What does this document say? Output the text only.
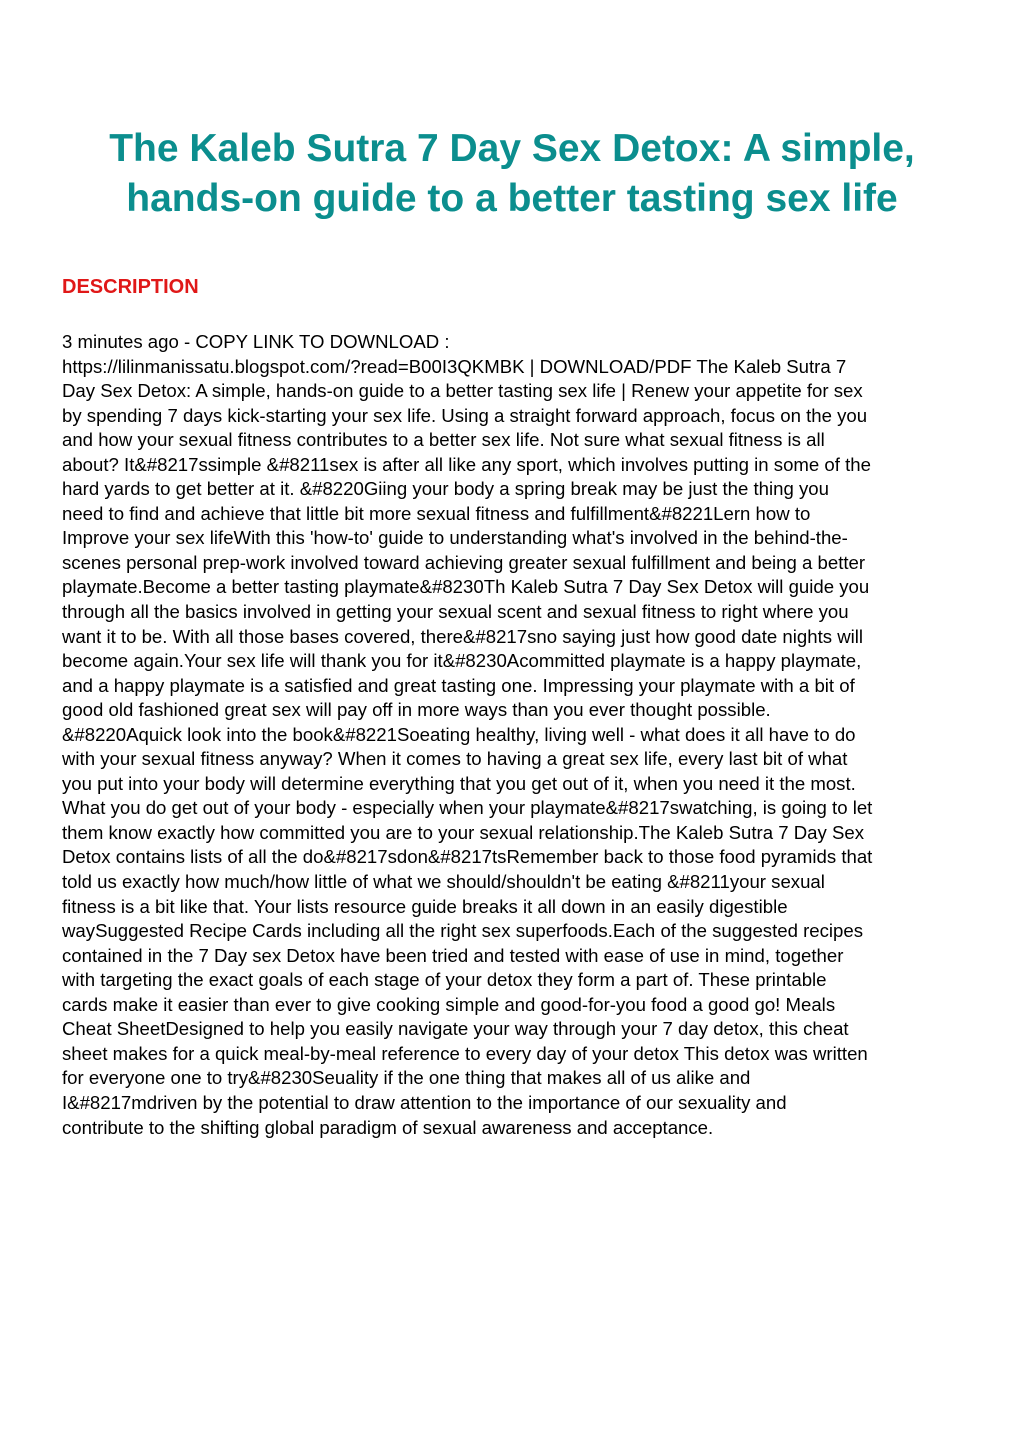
The Kaleb Sutra 7 Day Sex Detox: A simple,
hands-on guide to a better tasting sex life
DESCRIPTION
3 minutes ago - COPY LINK TO DOWNLOAD :
https://lilinmanissatu.blogspot.com/?read=B00I3QKMBK | DOWNLOAD/PDF The Kaleb Sutra 7
Day Sex Detox: A simple, hands-on guide to a better tasting sex life | Renew your appetite for sex
by spending 7 days kick-starting your sex life. Using a straight forward approach, focus on the you
and how your sexual fitness contributes to a better sex life. Not sure what sexual fitness is all
about? It&#8217ssimple &#8211sex is after all like any sport, which involves putting in some of the
hard yards to get better at it. &#8220Giing your body a spring break may be just the thing you
need to find and achieve that little bit more sexual fitness and fulfillment&#8221Lern how to
Improve your sex lifeWith this 'how-to' guide to understanding what's involved in the behind-the-
scenes personal prep-work involved toward achieving greater sexual fulfillment and being a better
playmate.Become a better tasting playmate&#8230Th Kaleb Sutra 7 Day Sex Detox will guide you
through all the basics involved in getting your sexual scent and sexual fitness to right where you
want it to be. With all those bases covered, there&#8217sno saying just how good date nights will
become again.Your sex life will thank you for it&#8230Acommitted playmate is a happy playmate,
and a happy playmate is a satisfied and great tasting one. Impressing your playmate with a bit of
good old fashioned great sex will pay off in more ways than you ever thought possible.
&#8220Aquick look into the book&#8221Soeating healthy, living well - what does it all have to do
with your sexual fitness anyway? When it comes to having a great sex life, every last bit of what
you put into your body will determine everything that you get out of it, when you need it the most.
What you do get out of your body - especially when your playmate&#8217swatching, is going to let
them know exactly how committed you are to your sexual relationship.The Kaleb Sutra 7 Day Sex
Detox contains lists of all the do&#8217sdon&#8217tsRemember back to those food pyramids that
told us exactly how much/how little of what we should/shouldn't be eating &#8211your sexual
fitness is a bit like that. Your lists resource guide breaks it all down in an easily digestible
waySuggested Recipe Cards including all the right sex superfoods.Each of the suggested recipes
contained in the 7 Day sex Detox have been tried and tested with ease of use in mind, together
with targeting the exact goals of each stage of your detox they form a part of. These printable
cards make it easier than ever to give cooking simple and good-for-you food a good go! Meals
Cheat SheetDesigned to help you easily navigate your way through your 7 day detox, this cheat
sheet makes for a quick meal-by-meal reference to every day of your detox This detox was written
for everyone one to try&#8230Seuality if the one thing that makes all of us alike and
I&#8217mdriven by the potential to draw attention to the importance of our sexuality and
contribute to the shifting global paradigm of sexual awareness and acceptance.
